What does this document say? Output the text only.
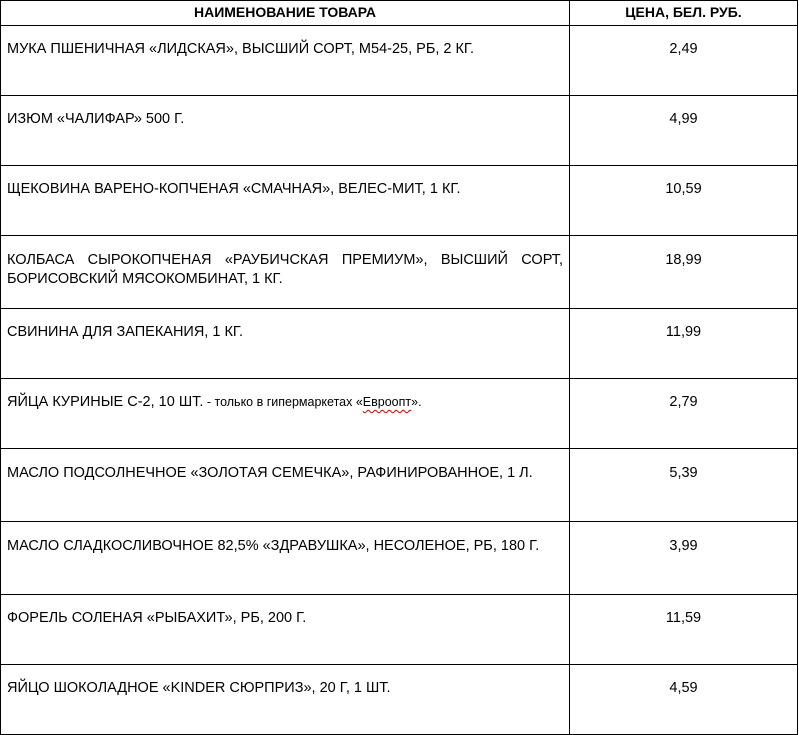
НАИМЕНОВАНИЕ ТОВАРА	ЦЕНА, БЕЛ. РУБ.
МУКА ПШЕНИЧНАЯ «ЛИДСКАЯ», ВЫСШИЙ СОРТ, М54-25, РБ, 2 КГ.	2,49
ИЗЮМ «ЧАЛИФАР» 500 Г.	4,99
ЩЕКОВИНА ВАРЕНО-КОПЧЕНАЯ «СМАЧНАЯ», ВЕЛЕС-МИТ, 1 КГ.	10,59
КОЛБАСА СЫРОКОПЧЕНАЯ «РАУБИЧСКАЯ ПРЕМИУМ», ВЫСШИЙ СОРТ, БОРИСОВСКИЙ МЯСОКОМБИНАТ, 1 КГ.	18,99
СВИНИНА ДЛЯ ЗАПЕКАНИЯ, 1 КГ.	11,99
ЯЙЦА КУРИНЫЕ С-2, 10 ШТ. - только в гипермаркетах «Евроопт».	2,79
МАСЛО ПОДСОЛНЕЧНОЕ «ЗОЛОТАЯ СЕМЕЧКА», РАФИНИРОВАННОЕ, 1 Л.	5,39
МАСЛО СЛАДКОСЛИВОЧНОЕ 82,5% «ЗДРАВУШКА», НЕСОЛЕНОЕ, РБ, 180 Г.	3,99
ФОРЕЛЬ СОЛЕНАЯ «РЫБАХИТ», РБ, 200 Г.	11,59
ЯЙЦО ШОКОЛАДНОЕ «KINDER СЮРПРИЗ», 20 Г, 1 ШТ.	4,59
